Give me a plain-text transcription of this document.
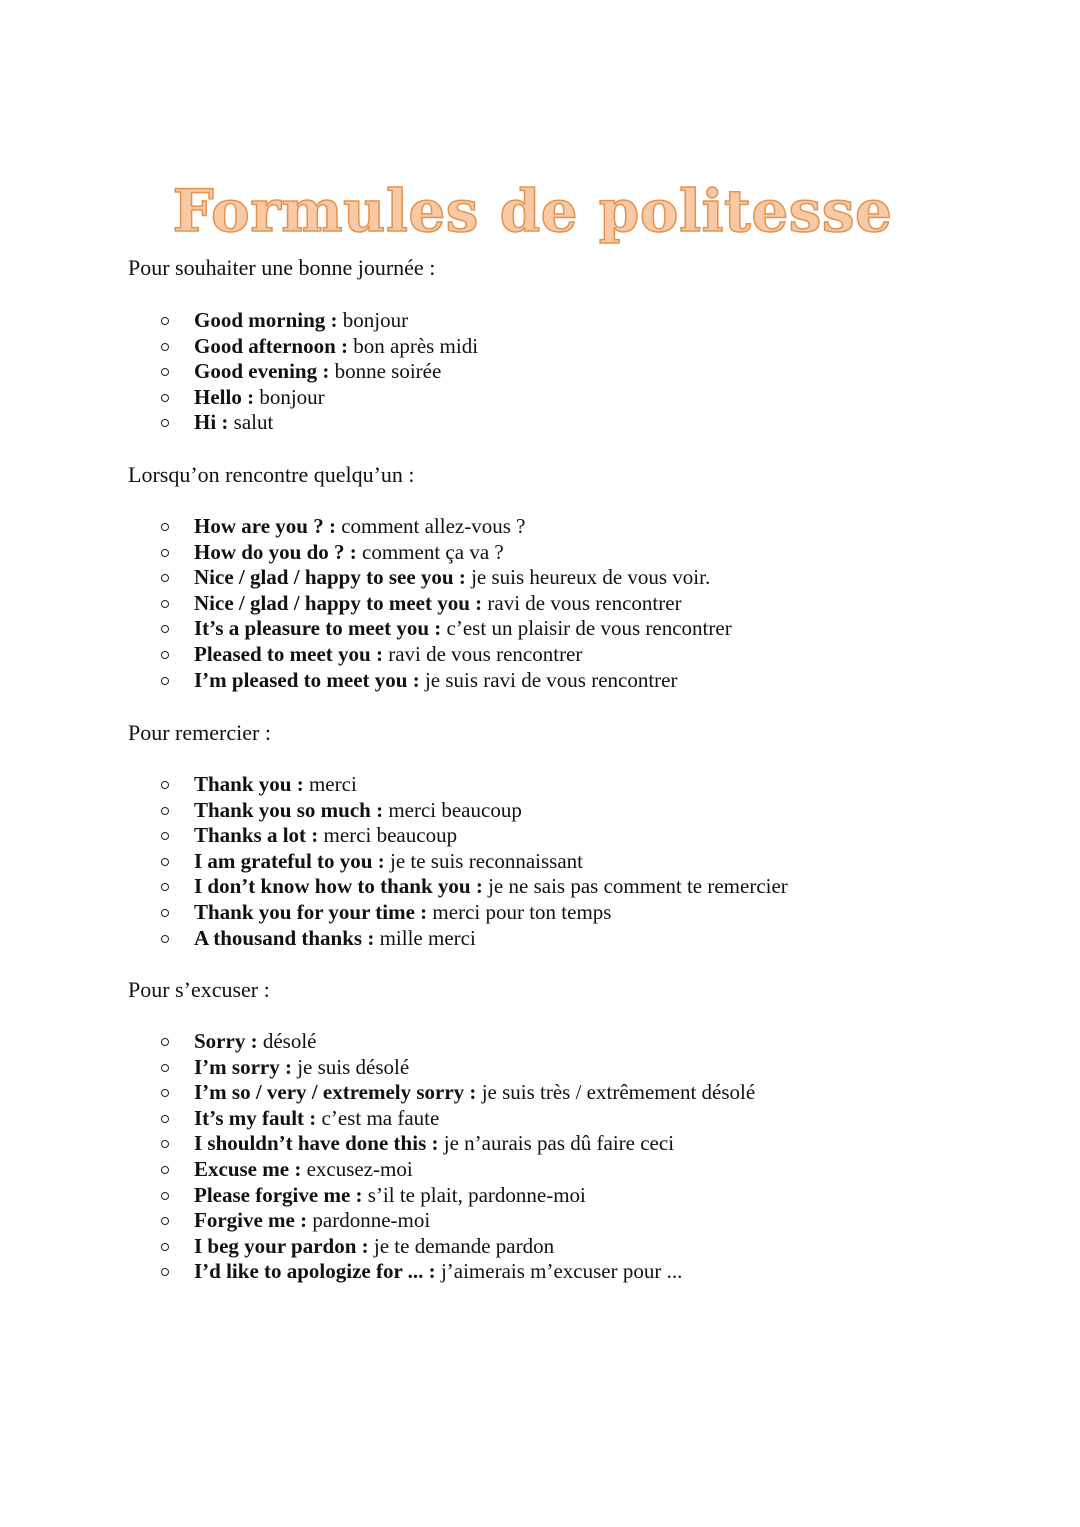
Formules de politesse

Pour souhaiter une bonne journée :

Good morning : bonjour
Good afternoon : bon après midi
Good evening : bonne soirée
Hello : bonjour
Hi : salut

Lorsqu’on rencontre quelqu’un :

How are you ? : comment allez-vous ?
How do you do ? : comment ça va ?
Nice / glad / happy to see you : je suis heureux de vous voir.
Nice / glad / happy to meet you : ravi de vous rencontrer
It’s a pleasure to meet you : c’est un plaisir de vous rencontrer
Pleased to meet you : ravi de vous rencontrer
I’m pleased to meet you : je suis ravi de vous rencontrer

Pour remercier :

Thank you : merci
Thank you so much : merci beaucoup
Thanks a lot : merci beaucoup
I am grateful to you : je te suis reconnaissant
I don’t know how to thank you : je ne sais pas comment te remercier
Thank you for your time : merci pour ton temps
A thousand thanks : mille merci

Pour s’excuser :

Sorry : désolé
I’m sorry : je suis désolé
I’m so / very / extremely sorry : je suis très / extrêmement désolé
It’s my fault : c’est ma faute
I shouldn’t have done this : je n’aurais pas dû faire ceci
Excuse me : excusez-moi
Please forgive me : s’il te plait, pardonne-moi
Forgive me : pardonne-moi
I beg your pardon : je te demande pardon
I’d like to apologize for ... : j’aimerais m’excuser pour ...
